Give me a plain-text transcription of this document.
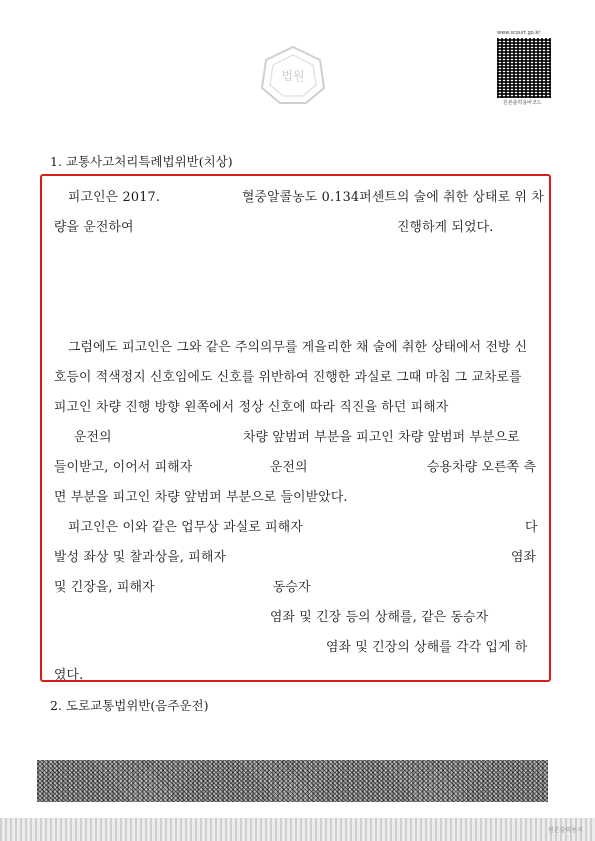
법원
www.scourt.go.kr
원본출력용바코드
1. 교통사고처리특례법위반(치상)
피고인은 2017.	혈중알콜농도 0.134퍼센트의 술에 취한 상태로 위 차
량을 운전하여	진행하게 되었다.
그럼에도 피고인은 그와 같은 주의의무를 게을리한 채 술에 취한 상태에서 전방 신
호등이 적색정지 신호임에도 신호를 위반하여 진행한 과실로 그때 마침 그 교차로를
피고인 차량 진행 방향 왼쪽에서 정상 신호에 따라 직진을 하던 피해자
운전의	차량 앞범퍼 부분을 피고인 차량 앞범퍼 부분으로
들이받고, 이어서 피해자	운전의	승용차량 오른쪽 측
면 부분을 피고인 차량 앞범퍼 부분으로 들이받았다.
피고인은 이와 같은 업무상 과실로 피해자	다
발성 좌상 및 찰과상을, 피해자	염좌
및 긴장을, 피해자	동승자
염좌 및 긴장 등의 상해를, 같은 동승자
염좌 및 긴장의 상해를 각각 입게 하
였다.
2. 도로교통법위반(음주운전)
원본출력용지
